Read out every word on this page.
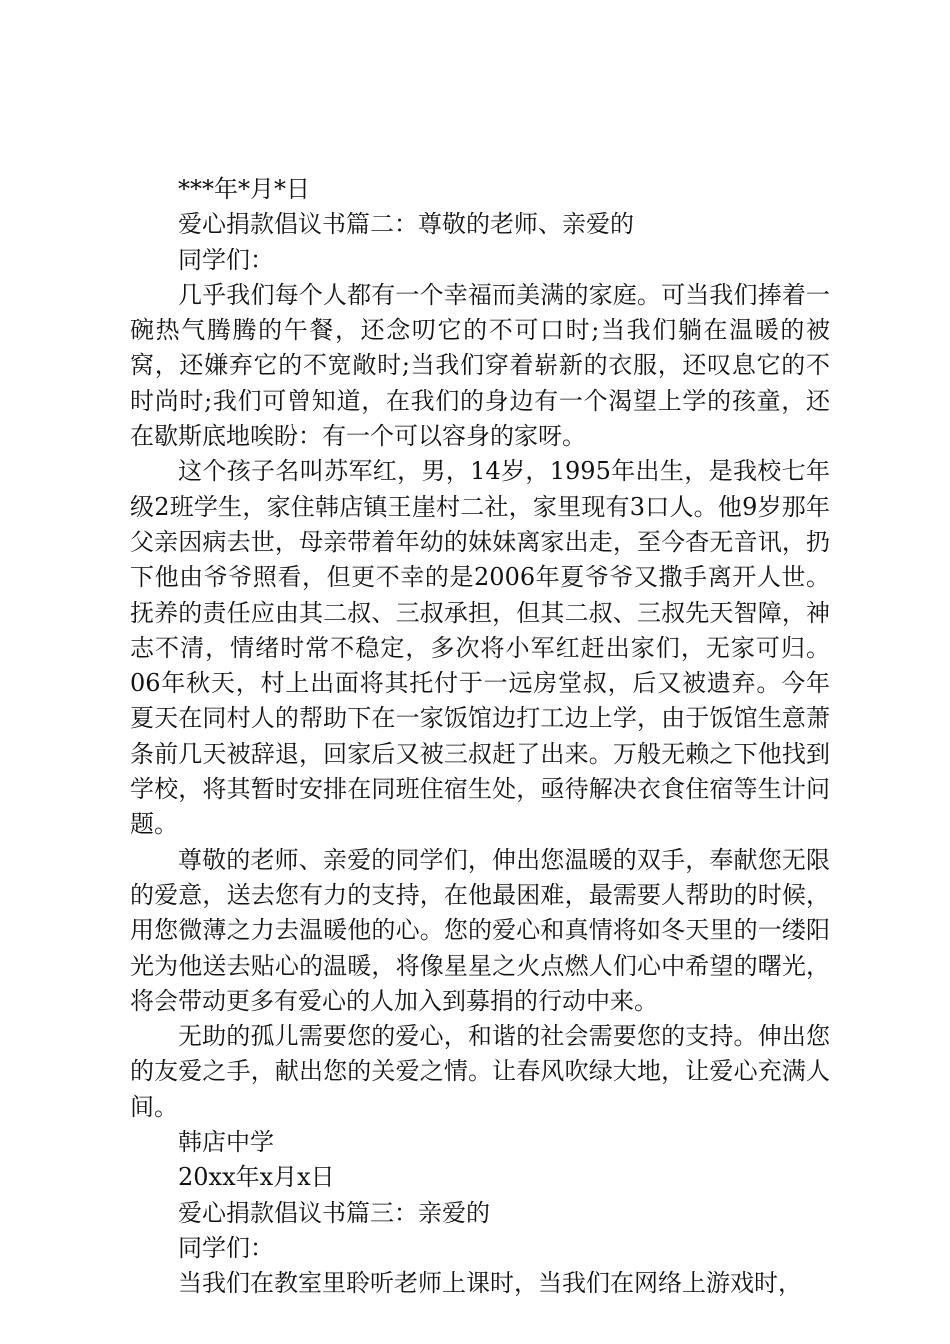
***年*月*日

爱心捐款倡议书篇二：尊敬的老师、亲爱的

同学们：

几乎我们每个人都有一个幸福而美满的家庭。可当我们捧着一碗热气腾腾的午餐，还念叨它的不可口时;当我们躺在温暖的被窝，还嫌弃它的不宽敞时;当我们穿着崭新的衣服，还叹息它的不时尚时;我们可曾知道，在我们的身边有一个渴望上学的孩童，还在歇斯底地唉盼：有一个可以容身的家呀。

这个孩子名叫苏军红，男，14岁，1995年出生，是我校七年级2班学生，家住韩店镇王崖村二社，家里现有3口人。他9岁那年父亲因病去世，母亲带着年幼的妹妹离家出走，至今杳无音讯，扔下他由爷爷照看，但更不幸的是2006年夏爷爷又撒手离开人世。抚养的责任应由其二叔、三叔承担，但其二叔、三叔先天智障，神志不清，情绪时常不稳定，多次将小军红赶出家们，无家可归。06年秋天，村上出面将其托付于一远房堂叔，后又被遗弃。今年夏天在同村人的帮助下在一家饭馆边打工边上学，由于饭馆生意萧条前几天被辞退，回家后又被三叔赶了出来。万般无赖之下他找到学校，将其暂时安排在同班住宿生处，亟待解决衣食住宿等生计问题。

尊敬的老师、亲爱的同学们，伸出您温暖的双手，奉献您无限的爱意，送去您有力的支持，在他最困难，最需要人帮助的时候，用您微薄之力去温暖他的心。您的爱心和真情将如冬天里的一缕阳光为他送去贴心的温暖，将像星星之火点燃人们心中希望的曙光，将会带动更多有爱心的人加入到募捐的行动中来。

无助的孤儿需要您的爱心，和谐的社会需要您的支持。伸出您的友爱之手，献出您的关爱之情。让春风吹绿大地，让爱心充满人间。

韩店中学

20xx年x月x日

爱心捐款倡议书篇三：亲爱的

同学们：

当我们在教室里聆听老师上课时，当我们在网络上游戏时，
